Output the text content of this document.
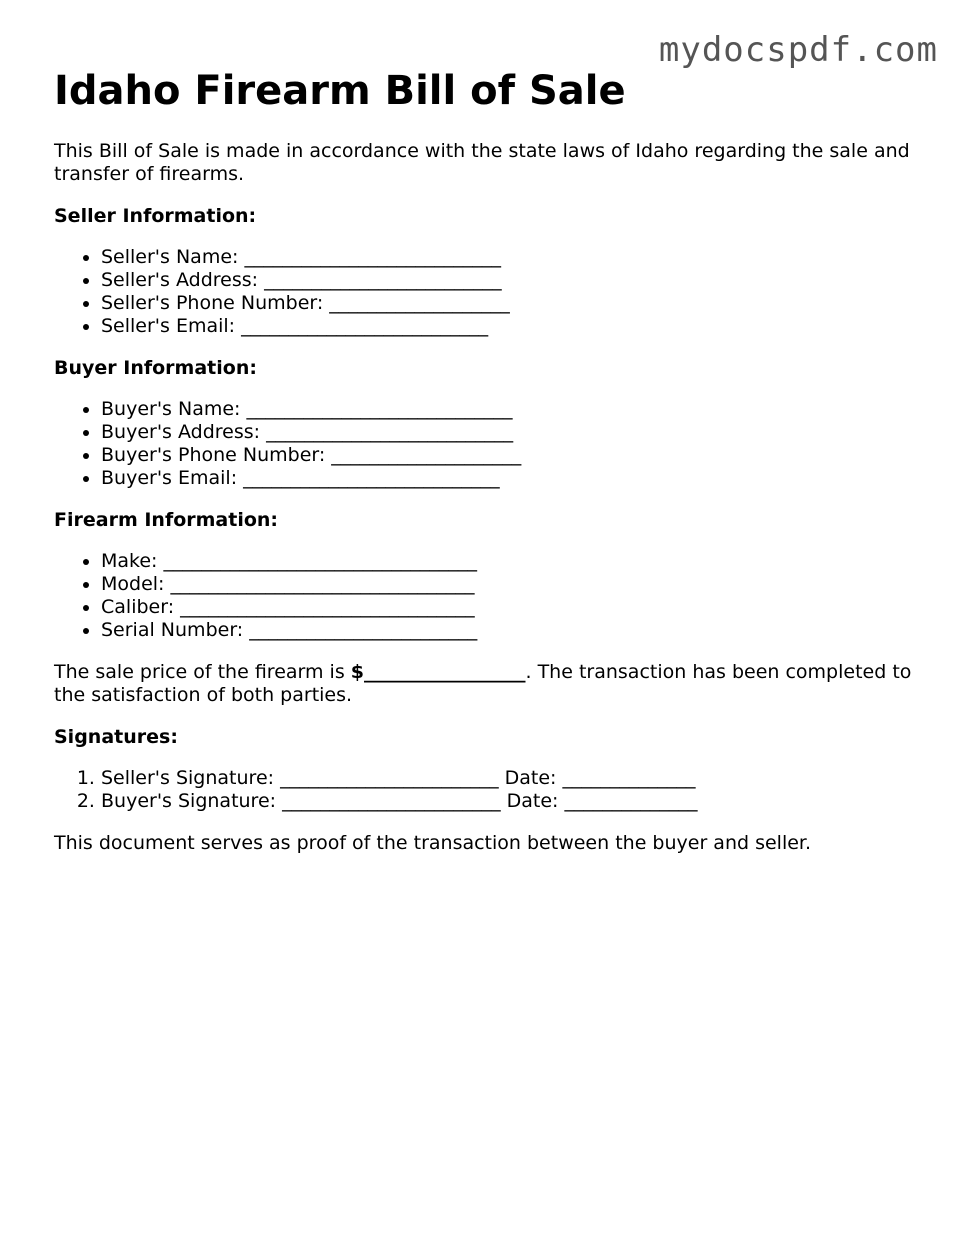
mydocspdf.com
Idaho Firearm Bill of Sale

This Bill of Sale is made in accordance with the state laws of Idaho regarding the sale and transfer of firearms.

Seller Information:

• Seller's Name: ___________________________
• Seller's Address: _________________________
• Seller's Phone Number: ___________________
• Seller's Email: __________________________

Buyer Information:

• Buyer's Name: ____________________________
• Buyer's Address: __________________________
• Buyer's Phone Number: ____________________
• Buyer's Email: ___________________________

Firearm Information:

• Make: _________________________________
• Model: ________________________________
• Caliber: _______________________________
• Serial Number: ________________________

The sale price of the firearm is $_________________. The transaction has been completed to the satisfaction of both parties.

Signatures:

1. Seller's Signature: _______________________ Date: ______________
2. Buyer's Signature: _______________________ Date: ______________

This document serves as proof of the transaction between the buyer and seller.
